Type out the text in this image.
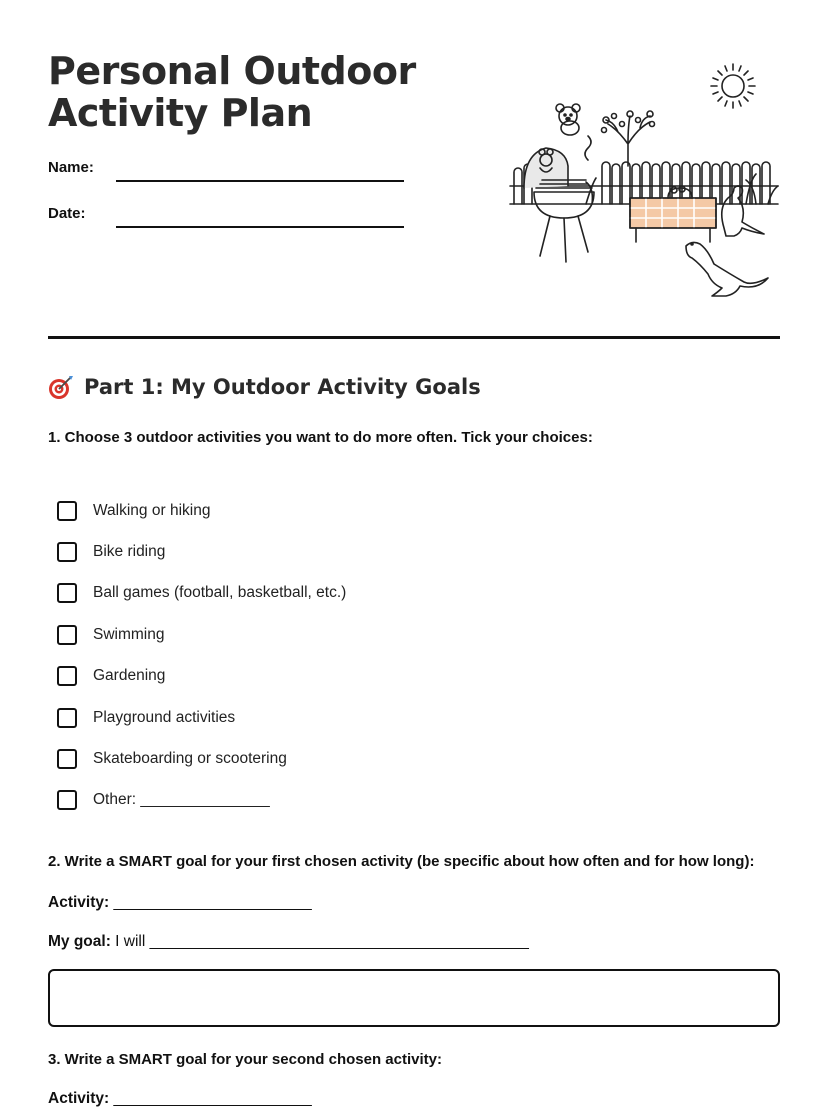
Personal Outdoor
Activity Plan
Name:
Date:
Part 1: My Outdoor Activity Goals

1. Choose 3 outdoor activities you want to do more often. Tick your choices:

Walking or hiking
Bike riding
Ball games (football, basketball, etc.)
Swimming
Gardening
Playground activities
Skateboarding or scootering
Other: _______________

2. Write a SMART goal for your first chosen activity (be specific about how often and for how long):

Activity: _______________________
My goal: I will ____________________________________________

3. Write a SMART goal for your second chosen activity:

Activity: _______________________
